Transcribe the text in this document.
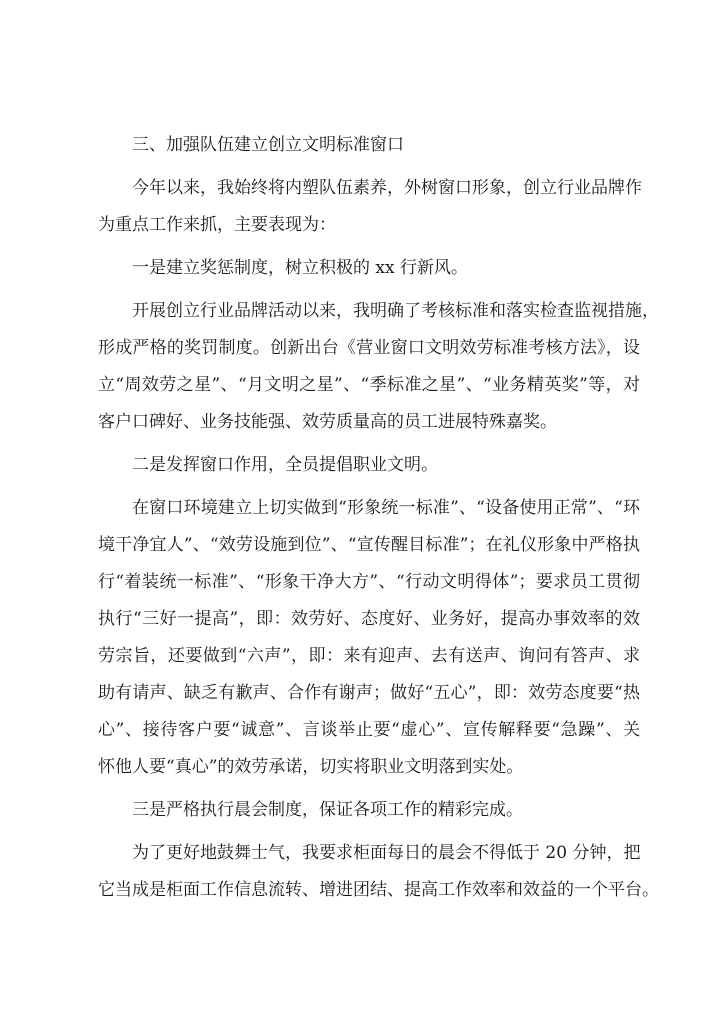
三、加强队伍建立创立文明标准窗口
今年以来，我始终将内塑队伍素养，外树窗口形象，创立行业品牌作
为重点工作来抓，主要表现为：
一是建立奖惩制度，树立积极的 xx 行新风。
开展创立行业品牌活动以来，我明确了考核标准和落实检查监视措施，
形成严格的奖罚制度。创新出台《营业窗口文明效劳标准考核方法》，设
立“周效劳之星”、“月文明之星”、“季标准之星”、“业务精英奖”等，对
客户口碑好、业务技能强、效劳质量高的员工进展特殊嘉奖。
二是发挥窗口作用，全员提倡职业文明。
在窗口环境建立上切实做到“形象统一标准”、“设备使用正常”、“环
境干净宜人”、“效劳设施到位”、“宣传醒目标准”；在礼仪形象中严格执
行“着装统一标准”、“形象干净大方”、“行动文明得体”；要求员工贯彻
执行“三好一提高”，即：效劳好、态度好、业务好，提高办事效率的效
劳宗旨，还要做到“六声”，即：来有迎声、去有送声、询问有答声、求
助有请声、缺乏有歉声、合作有谢声；做好“五心”，即：效劳态度要“热
心”、接待客户要“诚意”、言谈举止要“虚心”、宣传解释要“急躁”、关
怀他人要“真心”的效劳承诺，切实将职业文明落到实处。
三是严格执行晨会制度，保证各项工作的精彩完成。
为了更好地鼓舞士气，我要求柜面每日的晨会不得低于 20 分钟，把
它当成是柜面工作信息流转、增进团结、提高工作效率和效益的一个平台。
